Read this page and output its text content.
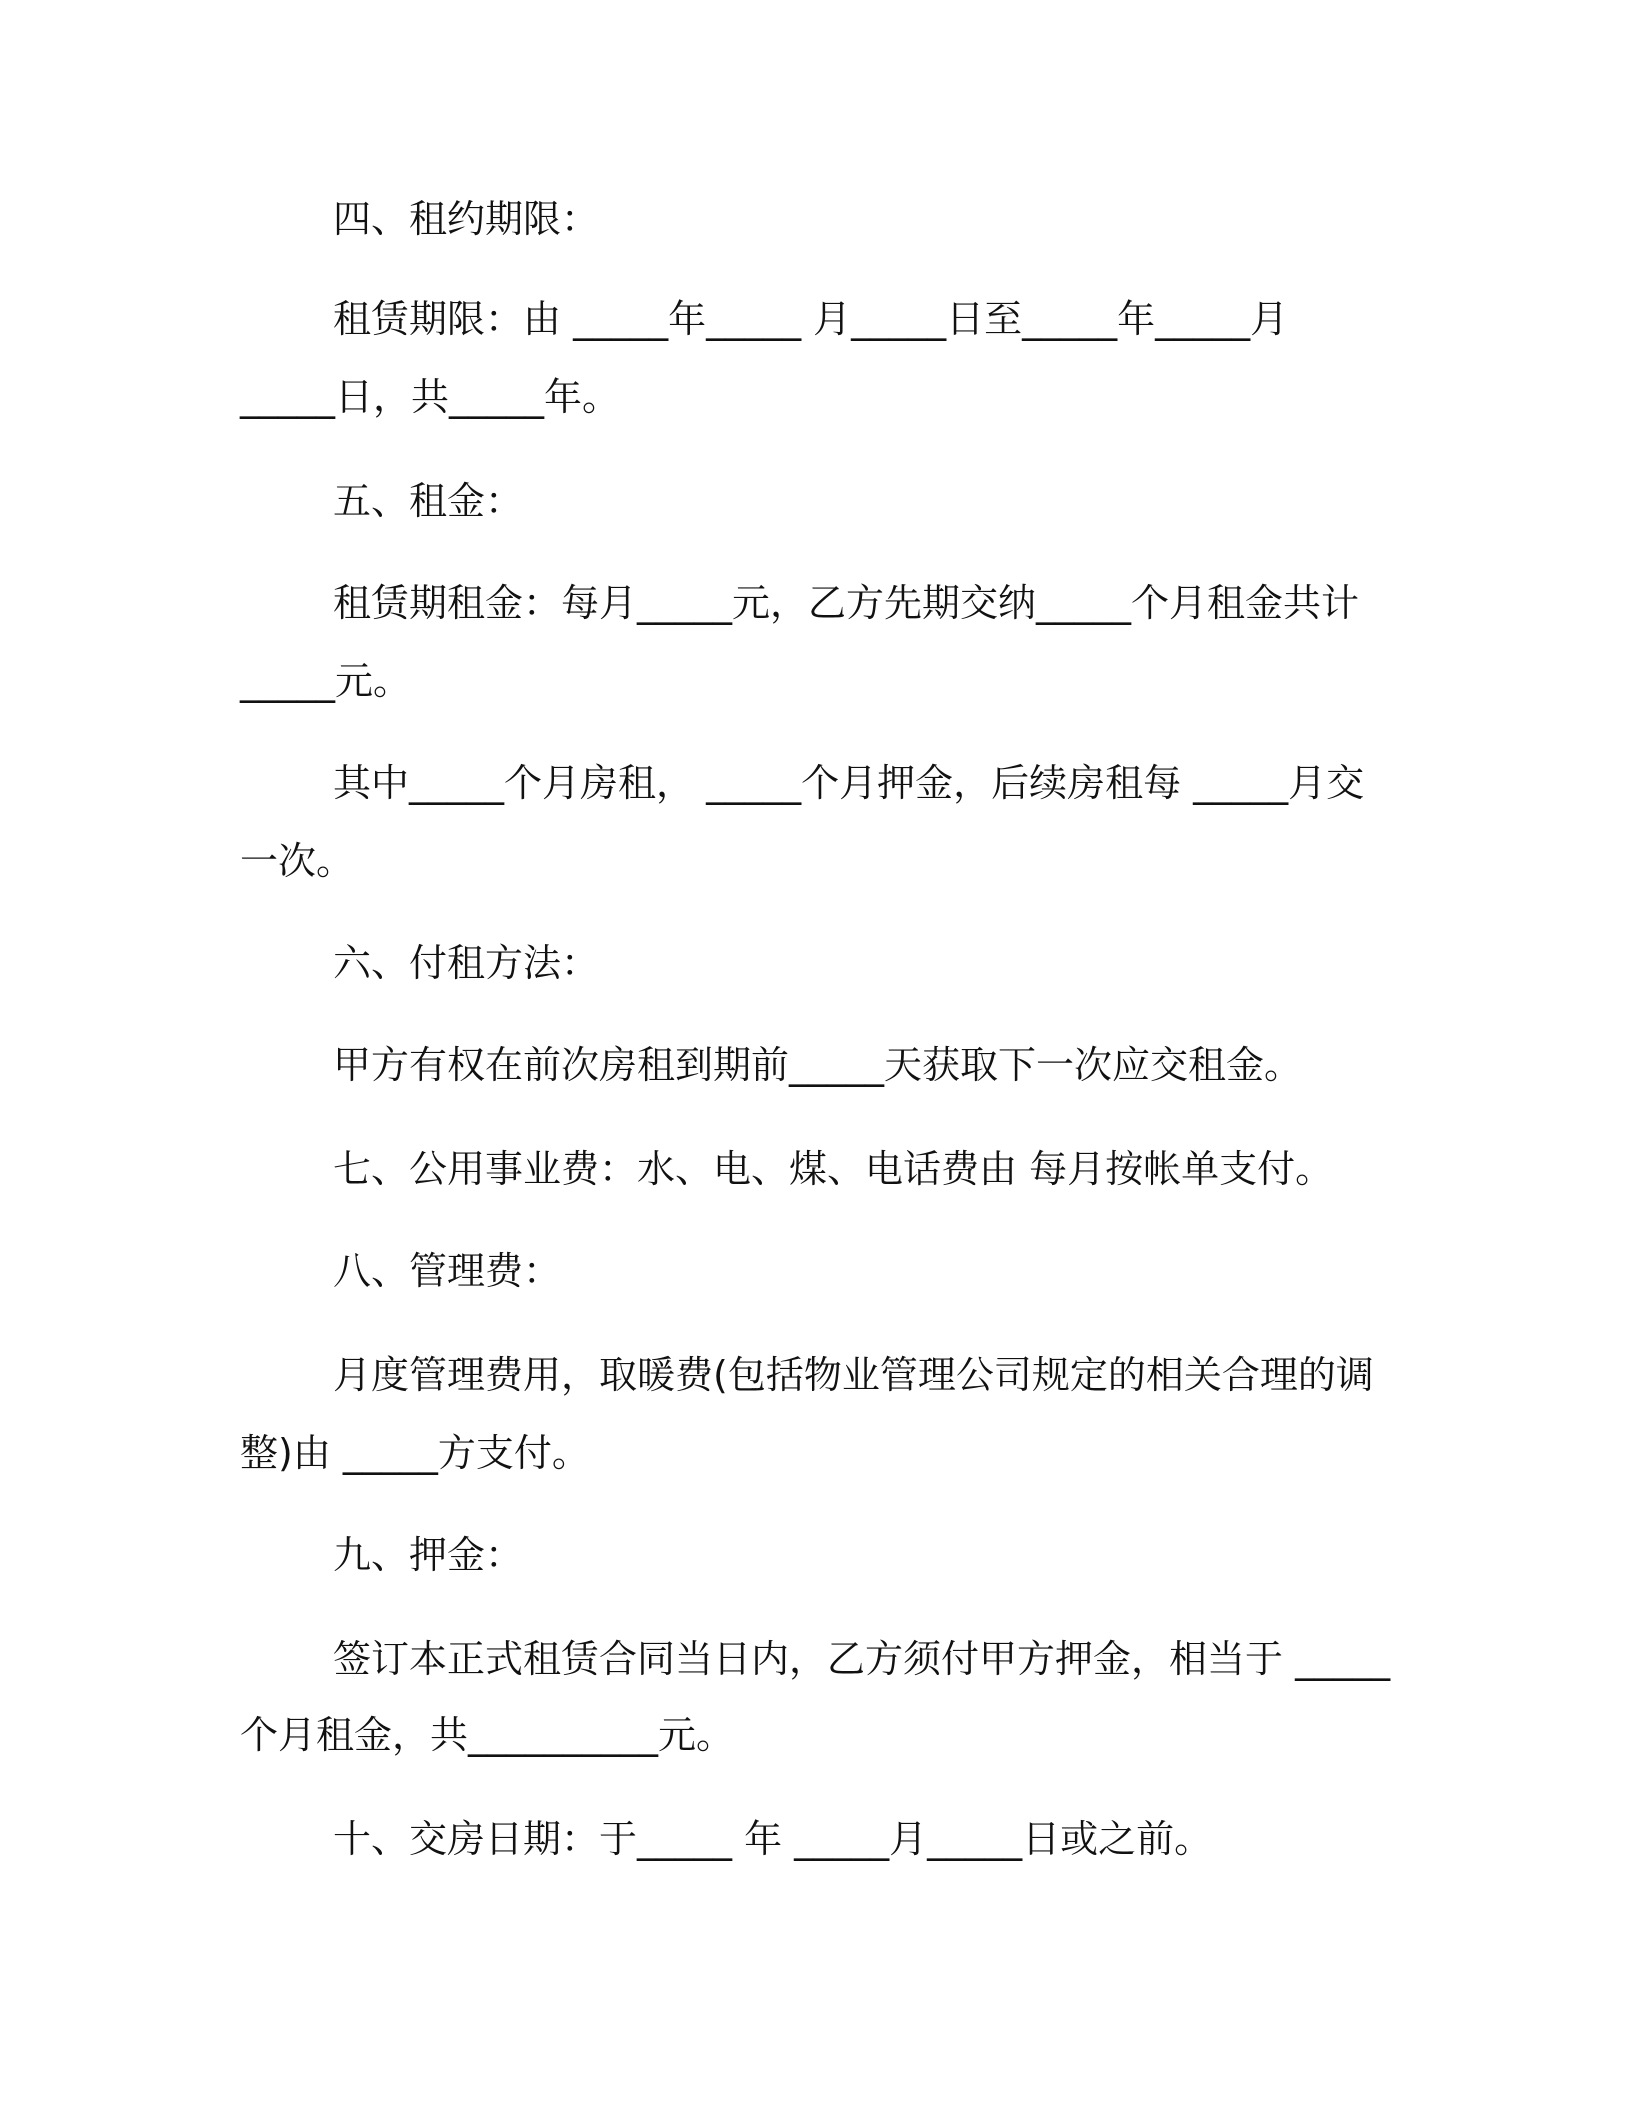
四、租约期限：
租赁期限：由 _____年_____ 月_____日至_____年_____月
_____日，共_____年。
五、租金：
租赁期租金：每月_____元，乙方先期交纳_____个月租金共计
_____元。
其中_____个月房租， _____个月押金，后续房租每 _____月交
一次。
六、付租方法：
甲方有权在前次房租到期前_____天获取下一次应交租金。
七、公用事业费：水、电、煤、电话费由 每月按帐单支付。
八、管理费：
月度管理费用，取暖费(包括物业管理公司规定的相关合理的调
整)由 _____方支付。
九、押金：
签订本正式租赁合同当日内，乙方须付甲方押金，相当于 _____
个月租金，共__________元。
十、交房日期：于_____ 年 _____月_____日或之前。
